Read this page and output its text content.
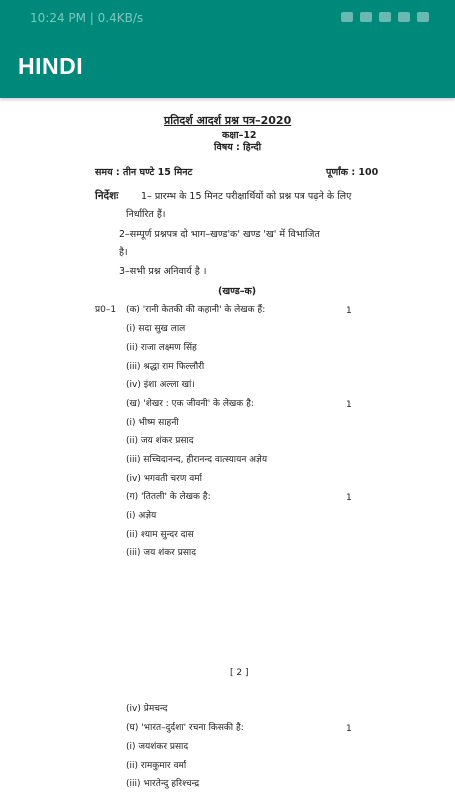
10:24 PM | 0.4KB/s
HINDI
प्रतिदर्श आदर्श प्रश्न पत्र–2020
कक्षा–12
विषय : हिन्दी
समय : तीन घण्टे 15 मिनट	पूर्णांक : 100
निर्देशः 1– प्रारम्भ के 15 मिनट परीक्षार्थियों को प्रश्न पत्र पढ़ने के लिए
निर्धारित हैं।
2–सम्पूर्ण प्रश्नपत्र दो भाग–खण्ड'क' खण्ड 'ख' में विभाजित
है।
3–सभी प्रश्न अनिवार्य है ।
(खण्ड–क)
प्र0–1 (क) 'रानी केतकी की कहानी' के लेखक हैं:	1
(i) सदा सुख लाल
(ii) राजा लक्ष्मण सिंह
(iii) श्रद्धा राम फिल्लौरी
(iv) इंशा अल्ला खां।
(ख) 'शेखर : एक जीवनी' के लेखक है:	1
(i) भीष्म साहनी
(ii) जय शंकर प्रसाद
(iii) सच्चिदानन्द, हीरानन्द वात्स्यायन अज्ञेय
(iv) भगवती चरण वर्मा
(ग) 'तितली' के लेखक है:	1
(i) अज्ञेय
(ii) श्याम सुन्दर दास
(iii) जय शंकर प्रसाद
[ 2 ]
(iv) प्रेमचन्द
(घ) 'भारत–दुर्दशा' रचना किसकी है:	1
(i) जयशंकर प्रसाद
(ii) रामकुमार वर्मा
(iii) भारतेन्दु हरिश्चन्द्र
